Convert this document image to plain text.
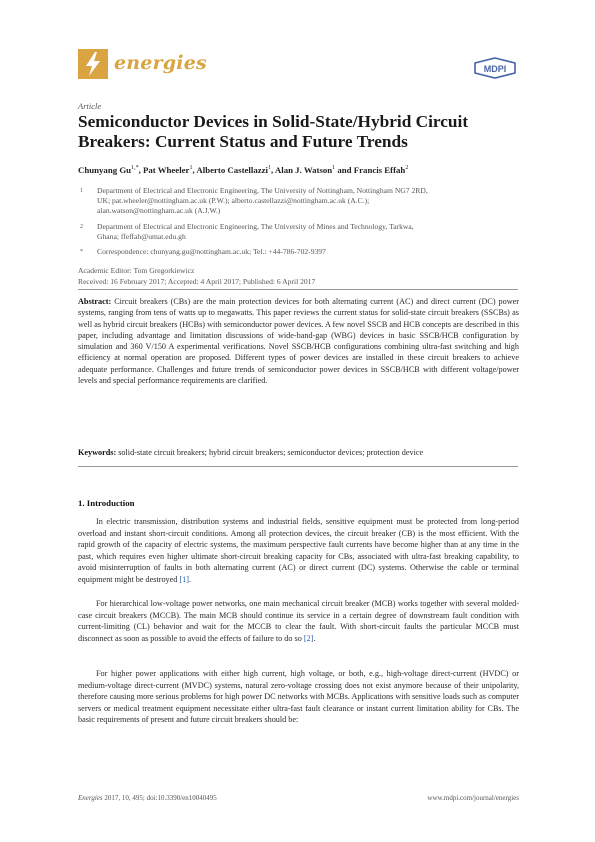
energies	MDPI
Article
Semiconductor Devices in Solid-State/Hybrid Circuit Breakers: Current Status and Future Trends
Chunyang $Gu^{1,*}$, Pat Wheeler$^1$, Alberto Castellazzi$^1$, Alan J. Watson$^1$ and Francis Effah$^2$
1 Department of Electrical and Electronic Engineering, The University of Nottingham, Nottingham NG7 2RD,
UK; pat.wheeler@nottingham.ac.uk (P.W.); alberto.castellazzi@nottingham.ac.uk (A.C.);
alan.watson@nottingham.ac.uk (A.J.W.)
2 Department of Electrical and Electronic Engineering, The University of Mines and Technology, Tarkwa,
Ghana; ffeffah@umat.edu.gh
* Correspondence: chunyang.gu@nottingham.ac.uk; Tel.: +44-786-702-9397
Academic Editor: Tom Gregorkiewicz
Received: 16 February 2017; Accepted: 4 April 2017; Published: 6 April 2017
Abstract: Circuit breakers (CBs) are the main protection devices for both alternating current (AC) and direct current (DC) power systems, ranging from tens of watts up to megawatts. This paper reviews the current status for solid-state circuit breakers (SSCBs) as well as hybrid circuit breakers (HCBs) with semiconductor power devices. A few novel SSCB and HCB concepts are described in this paper, including advantage and limitation discussions of wide-band-gap (WBG) devices in basic SSCB/HCB configuration by simulation and 360 V/150 A experimental verifications. Novel SSCB/HCB configurations combining ultra-fast switching and high efficiency at normal operation are proposed. Different types of power devices are installed in these circuit breakers to achieve adequate performance. Challenges and future trends of semiconductor power devices in SSCB/HCB with different voltage/power levels and special performance requirements are clarified.
Keywords: solid-state circuit breakers; hybrid circuit breakers; semiconductor devices; protection device
1. Introduction
In electric transmission, distribution systems and industrial fields, sensitive equipment must be protected from long-period overload and instant short-circuit conditions. Among all protection devices, the circuit breaker (CB) is the most efficient. With the rapid growth of the capacity of electric systems, the maximum perspective fault currents have become higher than at any time in the past, which requires even higher ultimate short-circuit breaking capacity for CBs, associated with ultra-fast breaking capability, to avoid misinterruption of faults in both alternating current (AC) or direct current (DC) systems. Otherwise the cable or terminal equipment might be destroyed [1].
For hierarchical low-voltage power networks, one main mechanical circuit breaker (MCB) works together with several molded-case circuit breakers (MCCB). The main MCB should continue its service in a certain degree of downstream fault condition with current-limiting (CL) behavior and wait for the MCCB to clear the fault. With short-circuit faults the particular MCCB must disconnect as soon as possible to avoid the effects of failure to do so [2].
For higher power applications with either high current, high voltage, or both, e.g., high-voltage direct-current (HVDC) or medium-voltage direct-current (MVDC) systems, natural zero-voltage crossing does not exist anymore because of their unipolarity, therefore causing more serious problems for high power DC networks with MCBs. Applications with sensitive loads such as computer servers or medical treatment equipment necessitate either ultra-fast fault clearance or instant current limitation ability for CBs. The basic requirements of present and future circuit breakers should be:
Energies 2017, 10, 495; doi:10.3390/en10040495	www.mdpi.com/journal/energies
